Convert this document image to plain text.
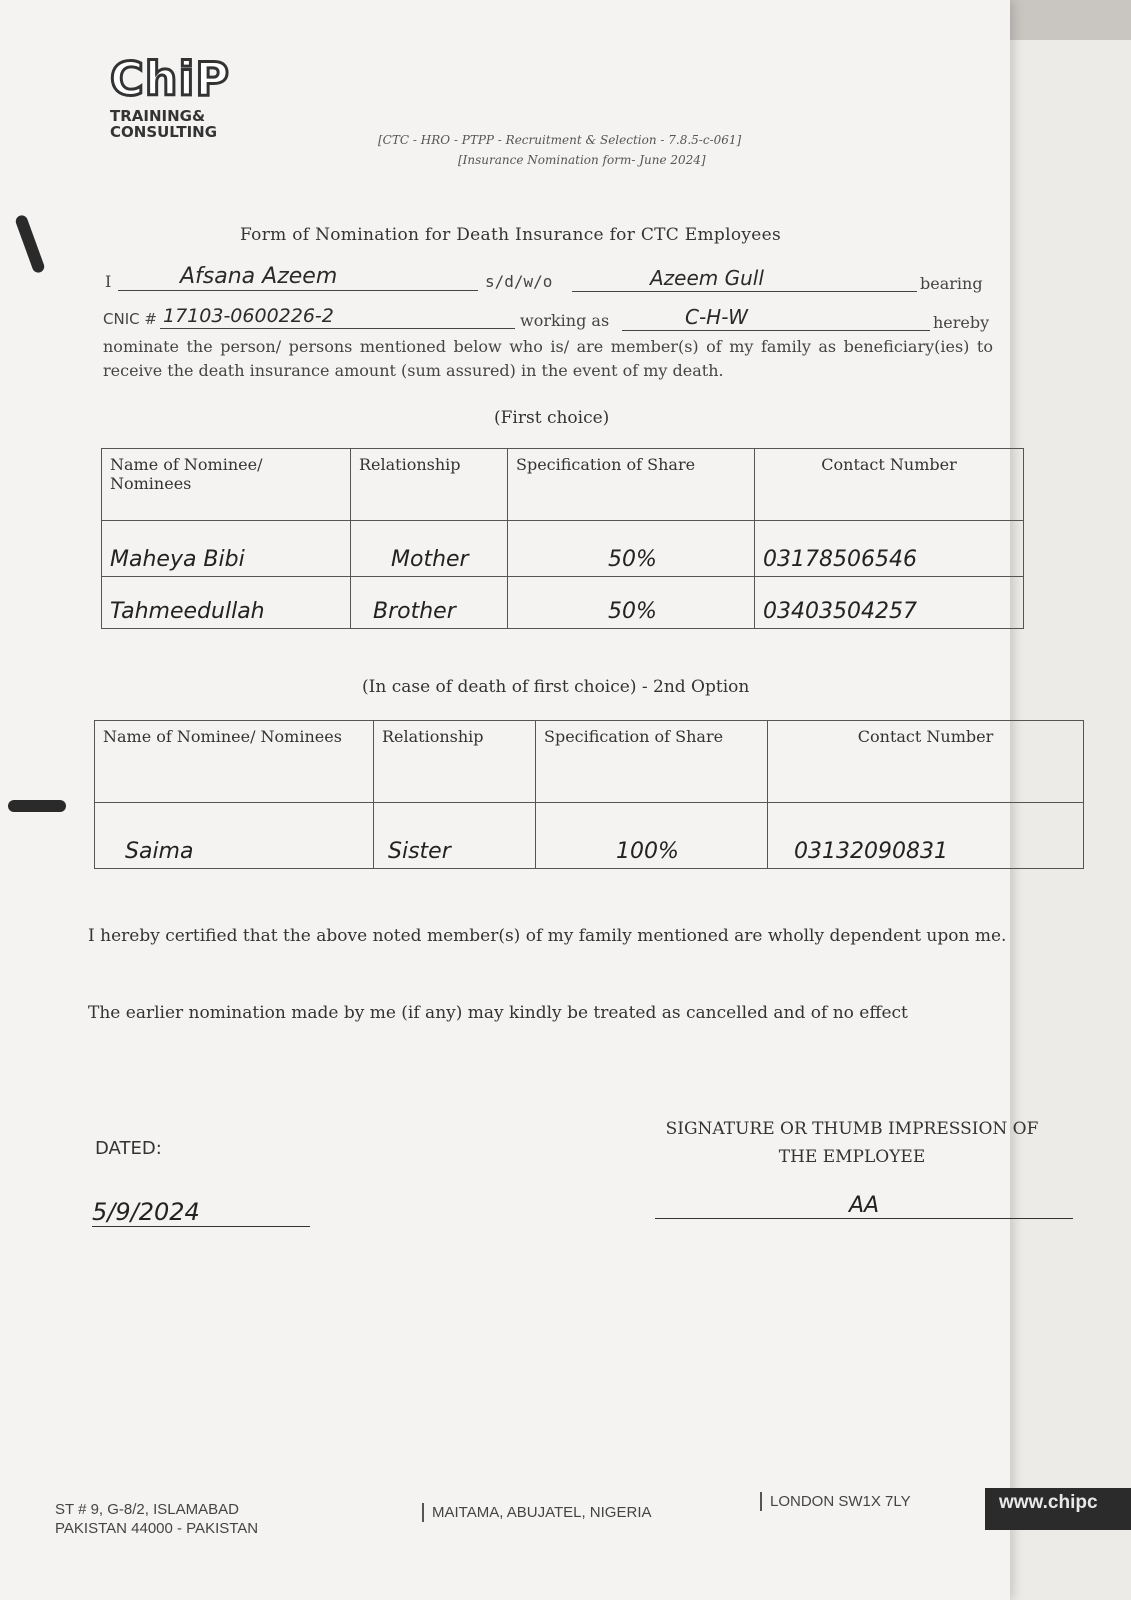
ChiP
TRAINING&
CONSULTING	[CTC - HRO - PTPP - Recruitment & Selection - 7.8.5-c-061]
[Insurance Nomination form- June 2024]
Form of Nomination for Death Insurance for CTC Employees
I	Afsana Azeem	s/d/w/o	Azeem Gull	bearing
CNIC # 17103-0600226-2	working as	C-H-W	hereby
nominate the person/ persons mentioned below who is/ are member(s) of my family as beneficiary(ies) to receive the death insurance amount (sum assured) in the event of my death.
(First choice)
Name of Nominee/ Nominees	Relationship	Specification of Share	Contact Number
Maheya Bibi	Mother	50%	03178506546
Tahmeedullah	Brother	50%	03403504257
(In case of death of first choice) - 2nd Option
Name of Nominee/ Nominees	Relationship	Specification of Share	Contact Number
Saima	Sister	100%	03132090831
I hereby certified that the above noted member(s) of my family mentioned are wholly dependent upon me.
The earlier nomination made by me (if any) may kindly be treated as cancelled and of no effect
DATED:
5/9/2024
SIGNATURE OR THUMB IMPRESSION OF
THE EMPLOYEE
AA
ST # 9, G-8/2, ISLAMABAD
PAKISTAN 44000 - PAKISTAN
MAITAMA, ABUJATEL, NIGERIA
LONDON SW1X 7LY	www.chipc
